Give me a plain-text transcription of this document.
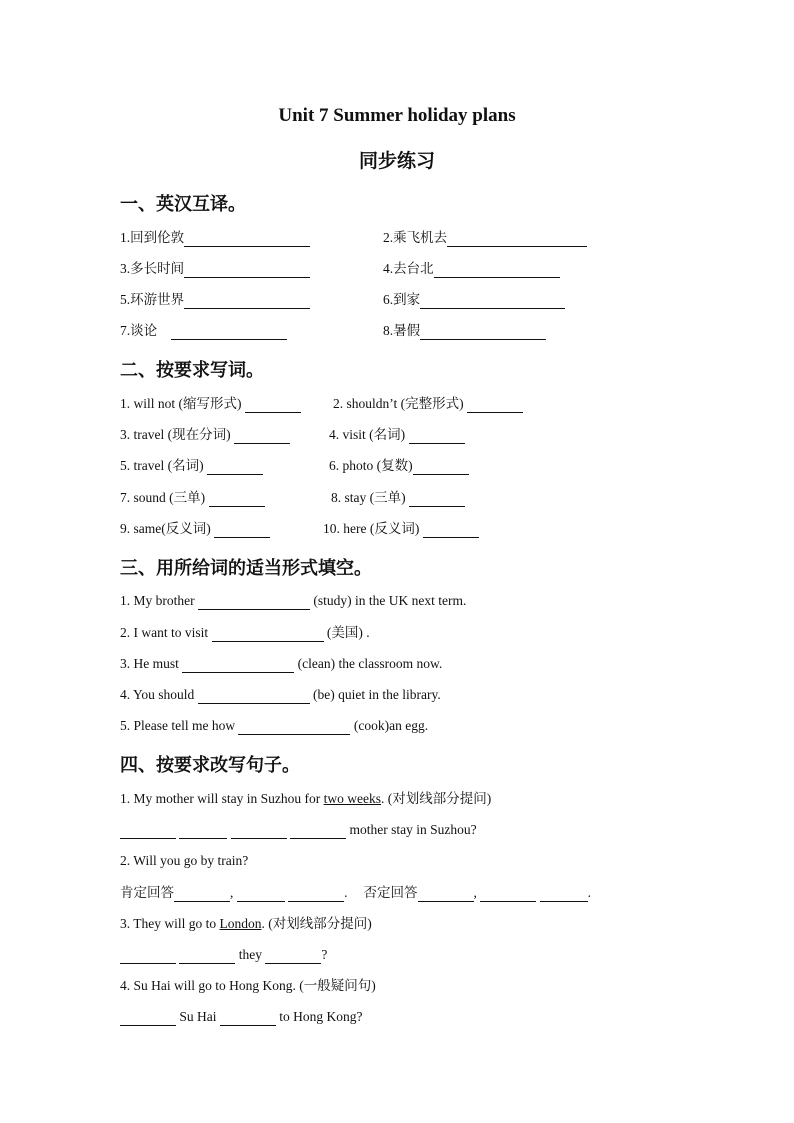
Unit 7 Summer holiday plans
同步练习
一、英汉互译。
1.回到伦敦	2.乘飞机去
3.多长时间	4.去台北
5.环游世界	6.到家
7.谈论	8.暑假
二、按要求写词。
1. will not (缩写形式)	2. shouldn’t (完整形式)
3. travel (现在分词)	4. visit (名词)
5. travel (名词)	6. photo (复数)
7. sound (三单)	8. stay (三单)
9. same(反义词)	10. here (反义词)
三、用所给词的适当形式填空。
1. My brother	(study) in the UK next term.
2. I want to visit	(美国) .
3. He must	(clean) the classroom now.
4. You should	(be) quiet in the library.
5. Please tell me how	(cook)an egg.
四、按要求改写句子。
1. My mother will stay in Suzhou for two weeks. (对划线部分提问)
mother stay in Suzhou?
2. Will you go by train?
肯定回答	,	. 否定回答	,	.
3. They will go to London. (对划线部分提问)
they	?
4. Su Hai will go to Hong Kong. (一般疑问句)
Su Hai	to Hong Kong?
